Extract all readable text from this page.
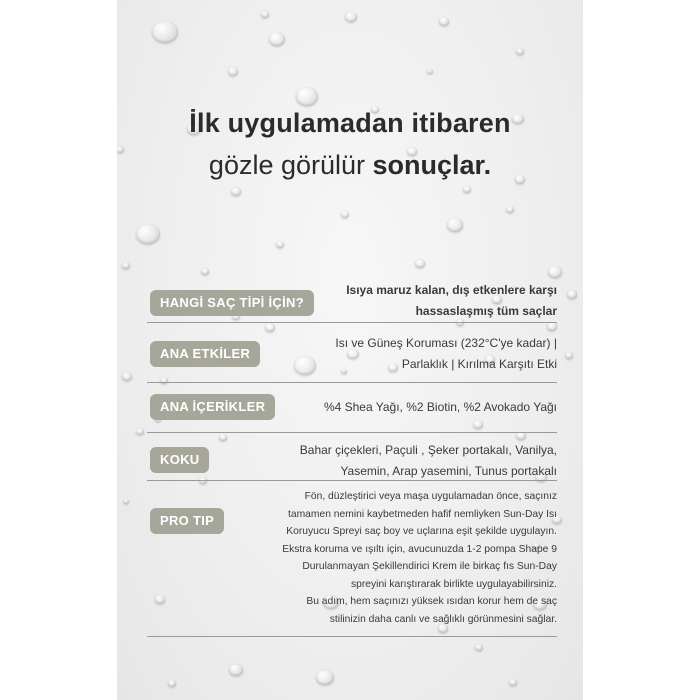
İlk uygulamadan itibaren
gözle görülür sonuçlar.
HANGİ SAÇ TİPİ İÇİN?
Isıya maruz kalan, dış etkenlere karşı
hassaslaşmış tüm saçlar
ANA ETKİLER
Isı ve Güneş Koruması (232°C'ye kadar) |
Parlaklık | Kırılma Karşıtı Etki
ANA İÇERİKLER	%4 Shea Yağı, %2 Biotin, %2 Avokado Yağı
KOKU
Bahar çiçekleri, Paçuli , Şeker portakalı, Vanilya,
Yasemin, Arap yasemini, Tunus portakalı
PRO TIP
Fön, düzleştirici veya maşa uygulamadan önce, saçınız
tamamen nemini kaybetmeden hafif nemliyken Sun-Day Isı
Koruyucu Spreyi saç boy ve uçlarına eşit şekilde uygulayın.
Ekstra koruma ve ışıltı için, avucunuzda 1-2 pompa Shape 9
Durulanmayan Şekillendirici Krem ile birkaç fıs Sun-Day
spreyini karıştırarak birlikte uygulayabilirsiniz.
Bu adım, hem saçınızı yüksek ısıdan korur hem de saç
stilinizin daha canlı ve sağlıklı görünmesini sağlar.
